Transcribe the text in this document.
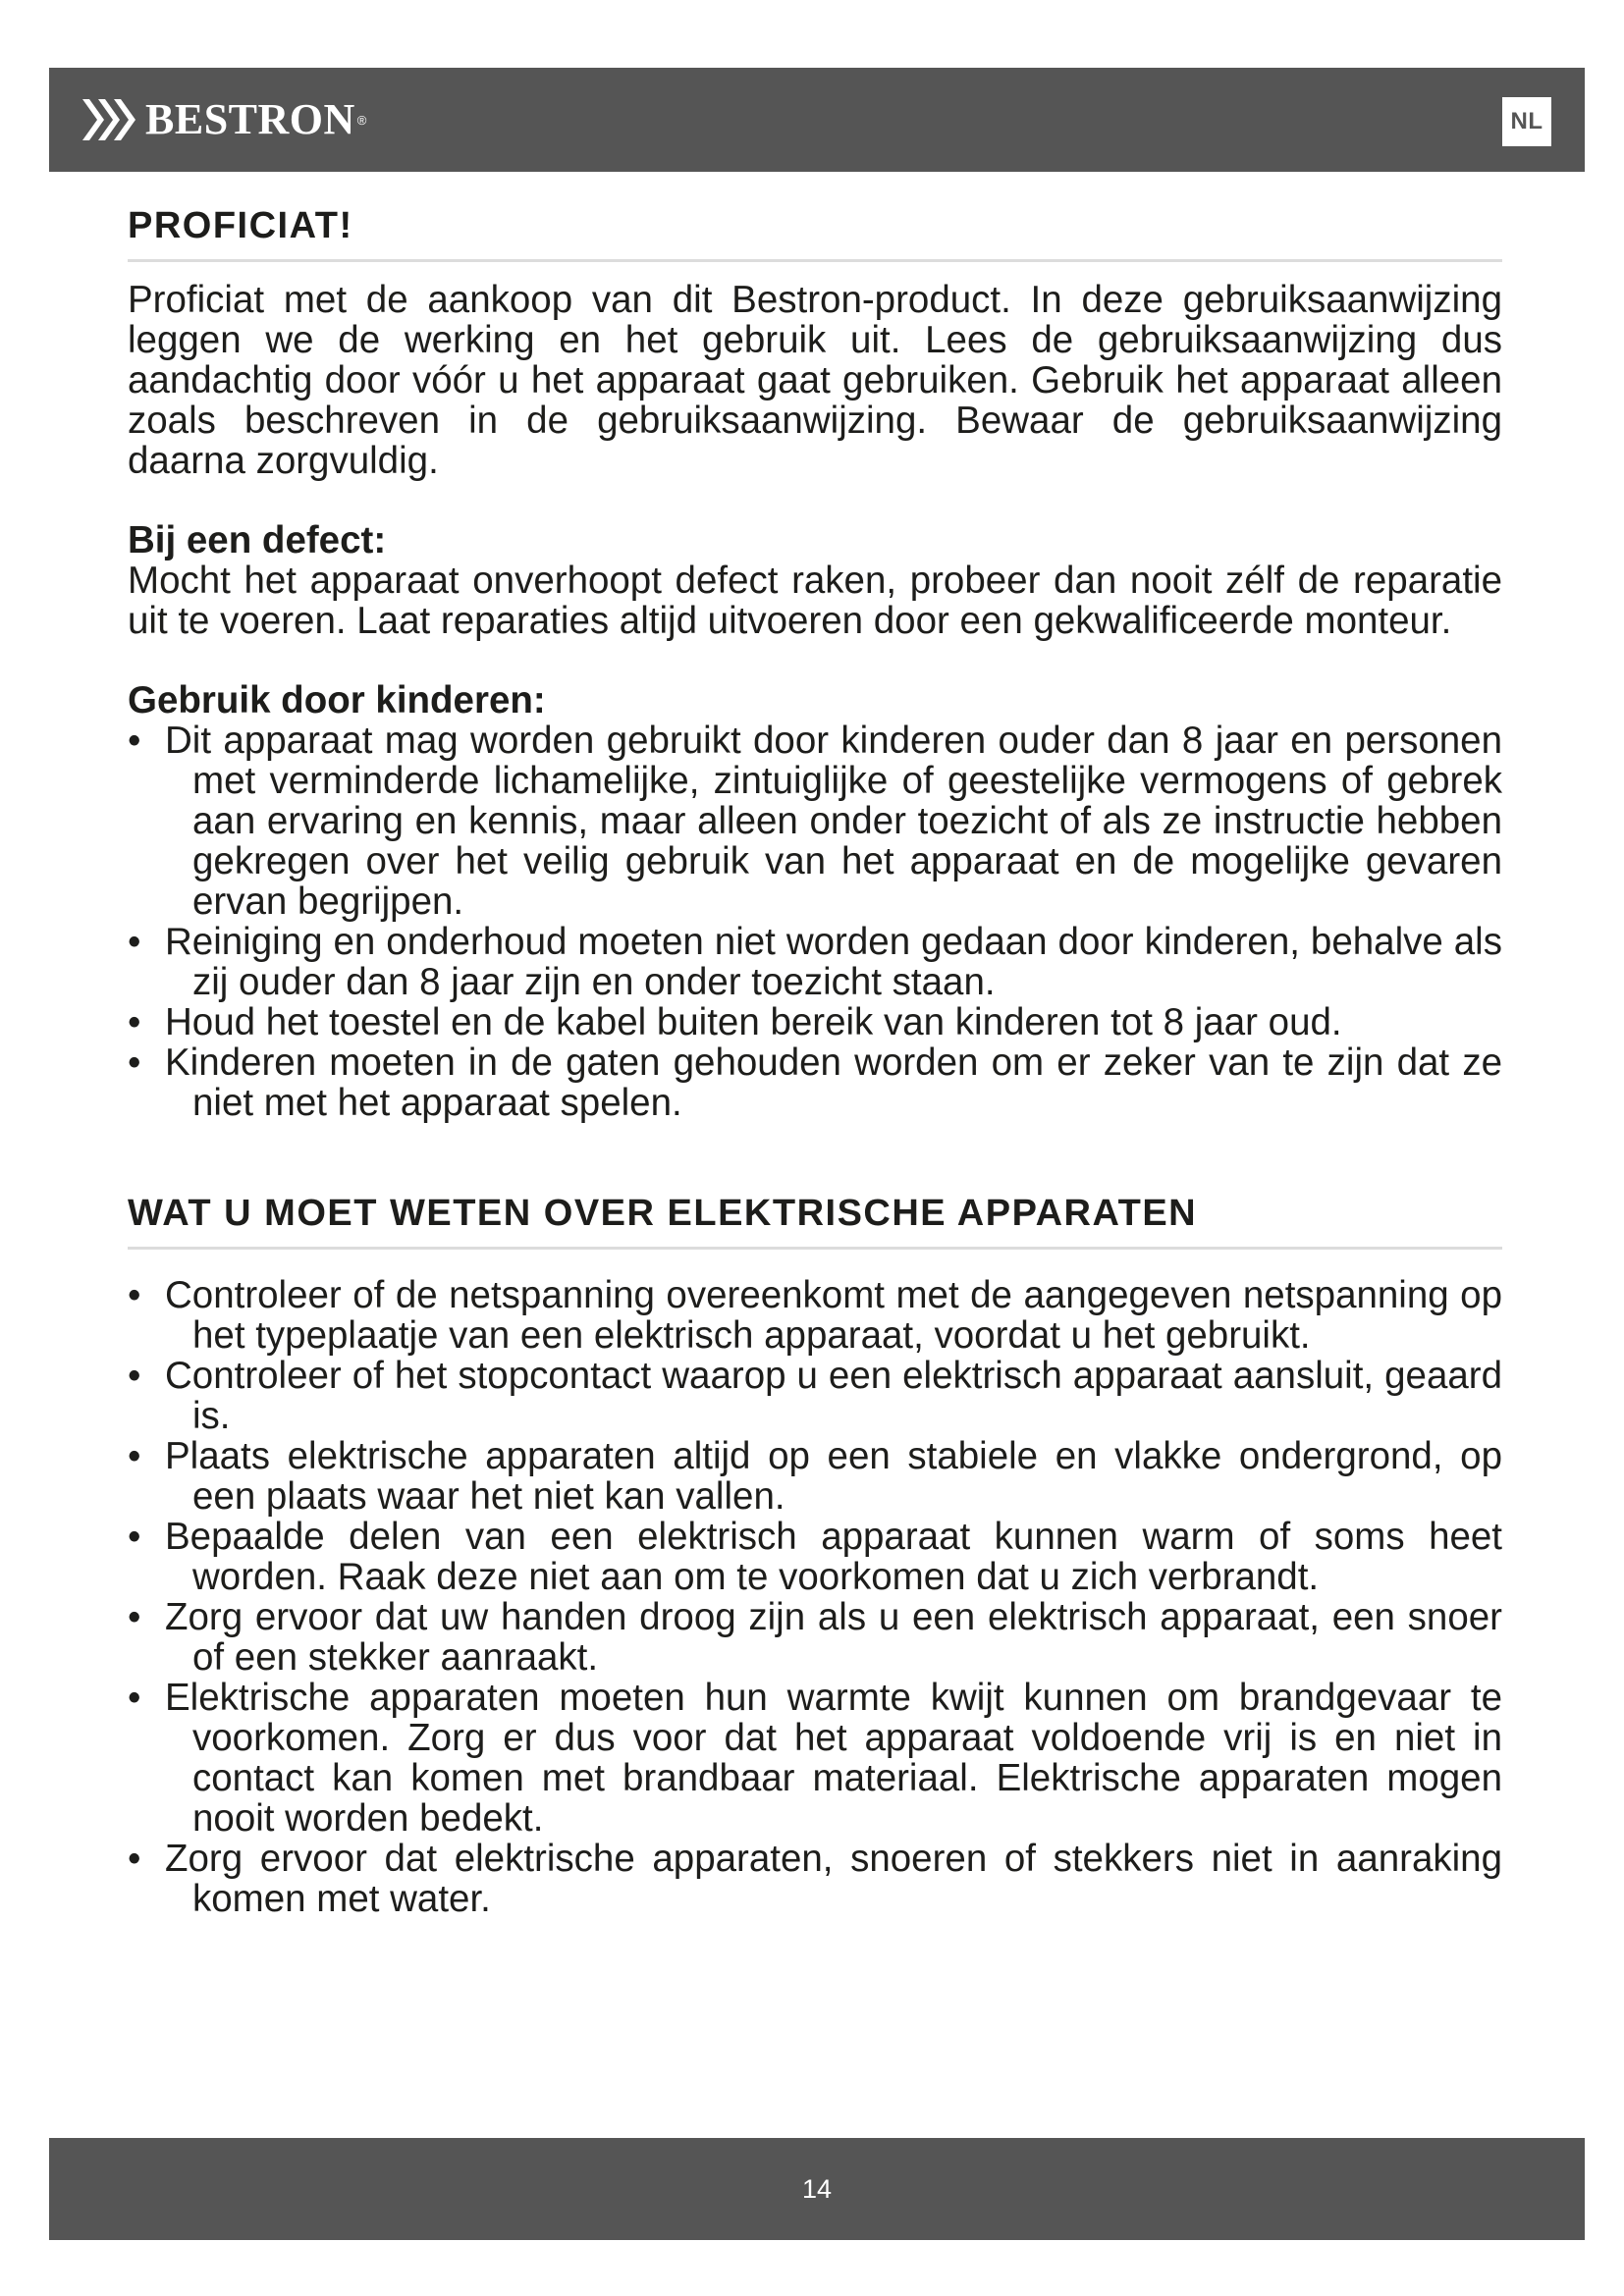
BESTRON ®	NL
PROFICIAT!

Proficiat met de aankoop van dit Bestron-product. In deze gebruiksaanwijzing leggen we de werking en het gebruik uit. Lees de gebruiksaanwijzing dus aandachtig door vóór u het apparaat gaat gebruiken. Gebruik het apparaat alleen zoals beschreven in de gebruiksaanwijzing. Bewaar de gebruiksaanwijzing daarna zorgvuldig.

Bij een defect:

Mocht het apparaat onverhoopt defect raken, probeer dan nooit zélf de reparatie uit te voeren. Laat reparaties altijd uitvoeren door een gekwalificeerde monteur.

Gebruik door kinderen:

• Dit apparaat mag worden gebruikt door kinderen ouder dan 8 jaar en personen met verminderde lichamelijke, zintuiglijke of geestelijke vermogens of gebrek aan ervaring en kennis, maar alleen onder toezicht of als ze instructie hebben gekregen over het veilig gebruik van het apparaat en de mogelijke gevaren ervan begrijpen.
• Reiniging en onderhoud moeten niet worden gedaan door kinderen, behalve als zij ouder dan 8 jaar zijn en onder toezicht staan.
• Houd het toestel en de kabel buiten bereik van kinderen tot 8 jaar oud.
• Kinderen moeten in de gaten gehouden worden om er zeker van te zijn dat ze niet met het apparaat spelen.
WAT U MOET WETEN OVER ELEKTRISCHE APPARATEN
• Controleer of de netspanning overeenkomt met de aangegeven netspanning op het typeplaatje van een elektrisch apparaat, voordat u het gebruikt.
• Controleer of het stopcontact waarop u een elektrisch apparaat aansluit, geaard is.
• Plaats elektrische apparaten altijd op een stabiele en vlakke ondergrond, op een plaats waar het niet kan vallen.
• Bepaalde delen van een elektrisch apparaat kunnen warm of soms heet worden. Raak deze niet aan om te voorkomen dat u zich verbrandt.
• Zorg ervoor dat uw handen droog zijn als u een elektrisch apparaat, een snoer of een stekker aanraakt.
• Elektrische apparaten moeten hun warmte kwijt kunnen om brandgevaar te voorkomen. Zorg er dus voor dat het apparaat voldoende vrij is en niet in contact kan komen met brandbaar materiaal. Elektrische apparaten mogen nooit worden bedekt.
• Zorg ervoor dat elektrische apparaten, snoeren of stekkers niet in aanraking komen met water.
14
